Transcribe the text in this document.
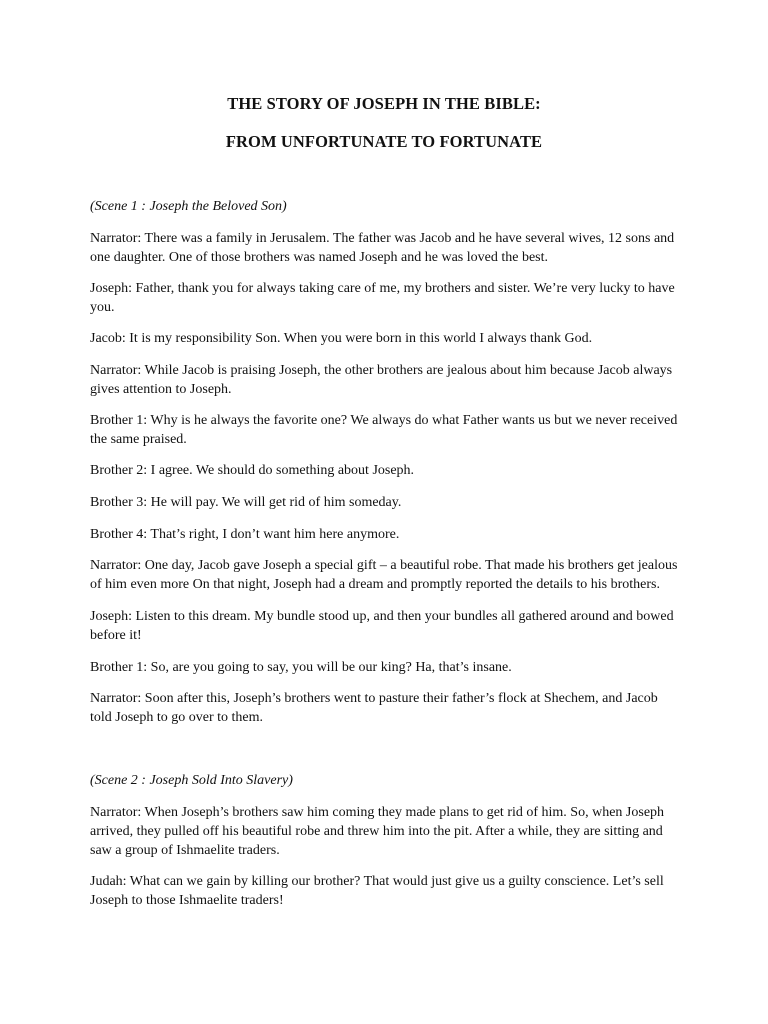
THE STORY OF JOSEPH IN THE BIBLE:
FROM UNFORTUNATE TO FORTUNATE

(Scene 1 : Joseph the Beloved Son)

Narrator: There was a family in Jerusalem. The father was Jacob and he have several wives, 12 sons and one daughter. One of those brothers was named Joseph and he was loved the best.

Joseph: Father, thank you for always taking care of me, my brothers and sister. We’re very lucky to have you.

Jacob: It is my responsibility Son. When you were born in this world I always thank God.

Narrator: While Jacob is praising Joseph, the other brothers are jealous about him because Jacob always gives attention to Joseph.

Brother 1: Why is he always the favorite one? We always do what Father wants us but we never received the same praised.

Brother 2: I agree. We should do something about Joseph.

Brother 3: He will pay. We will get rid of him someday.

Brother 4: That’s right, I don’t want him here anymore.

Narrator: One day, Jacob gave Joseph a special gift – a beautiful robe. That made his brothers get jealous of him even more On that night, Joseph had a dream and promptly reported the details to his brothers.

Joseph: Listen to this dream. My bundle stood up, and then your bundles all gathered around and bowed before it!

Brother 1: So, are you going to say, you will be our king? Ha, that’s insane.

Narrator: Soon after this, Joseph’s brothers went to pasture their father’s flock at Shechem, and Jacob told Joseph to go over to them.

(Scene 2 : Joseph Sold Into Slavery)

Narrator: When Joseph’s brothers saw him coming they made plans to get rid of him. So, when Joseph arrived, they pulled off his beautiful robe and threw him into the pit. After a while, they are sitting and saw a group of Ishmaelite traders.

Judah: What can we gain by killing our brother? That would just give us a guilty conscience. Let’s sell Joseph to those Ishmaelite traders!
